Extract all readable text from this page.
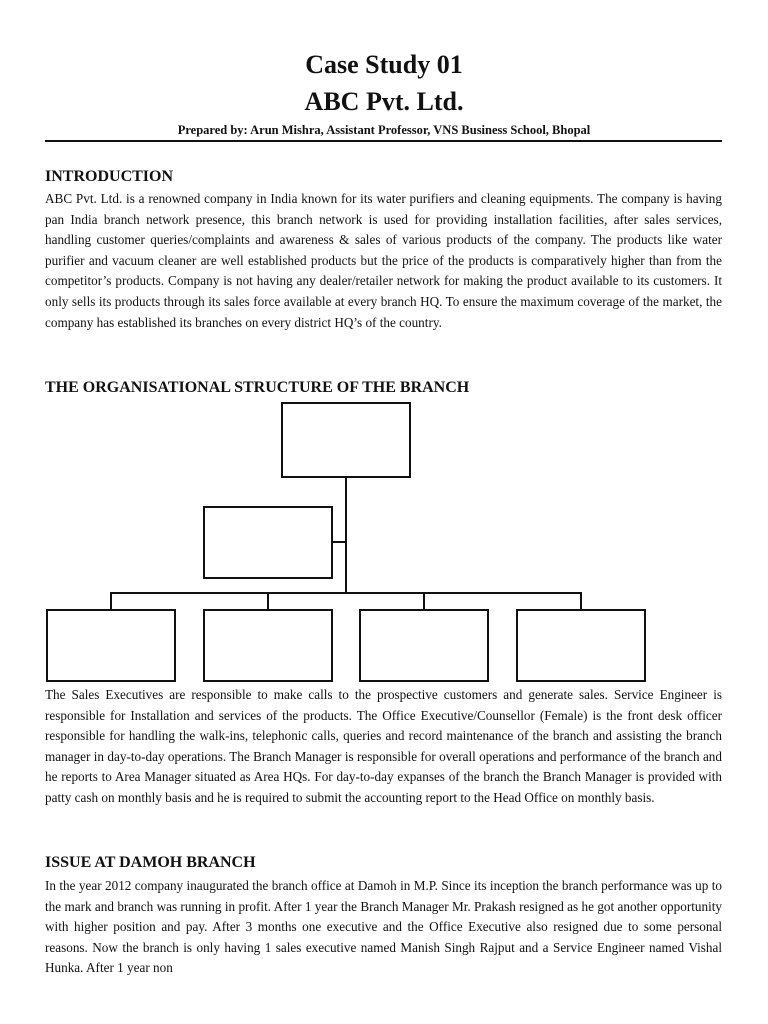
Case Study 01
ABC Pvt. Ltd.
Prepared by: Arun Mishra, Assistant Professor, VNS Business School, Bhopal
INTRODUCTION
ABC Pvt. Ltd. is a renowned company in India known for its water purifiers and cleaning equipments. The company is having pan India branch network presence, this branch network is used for providing installation facilities, after sales services, handling customer queries/complaints and awareness & sales of various products of the company. The products like water purifier and vacuum cleaner are well established products but the price of the products is comparatively higher than from the competitor’s products. Company is not having any dealer/retailer network for making the product available to its customers. It only sells its products through its sales force available at every branch HQ. To ensure the maximum coverage of the market, the company has established its branches on every district HQ’s of the country.
THE ORGANISATIONAL STRUCTURE OF THE BRANCH
The Sales Executives are responsible to make calls to the prospective customers and generate sales. Service Engineer is responsible for Installation and services of the products. The Office Executive/Counsellor (Female) is the front desk officer responsible for handling the walk-ins, telephonic calls, queries and record maintenance of the branch and assisting the branch manager in day-to-day operations. The Branch Manager is responsible for overall operations and performance of the branch and he reports to Area Manager situated as Area HQs. For day-to-day expanses of the branch the Branch Manager is provided with patty cash on monthly basis and he is required to submit the accounting report to the Head Office on monthly basis.
ISSUE AT DAMOH BRANCH
In the year 2012 company inaugurated the branch office at Damoh in M.P. Since its inception the branch performance was up to the mark and branch was running in profit. After 1 year the Branch Manager Mr. Prakash resigned as he got another opportunity with higher position and pay. After 3 months one executive and the Office Executive also resigned due to some personal reasons. Now the branch is only having 1 sales executive named Manish Singh Rajput and a Service Engineer named Vishal Hunka. After 1 year non
